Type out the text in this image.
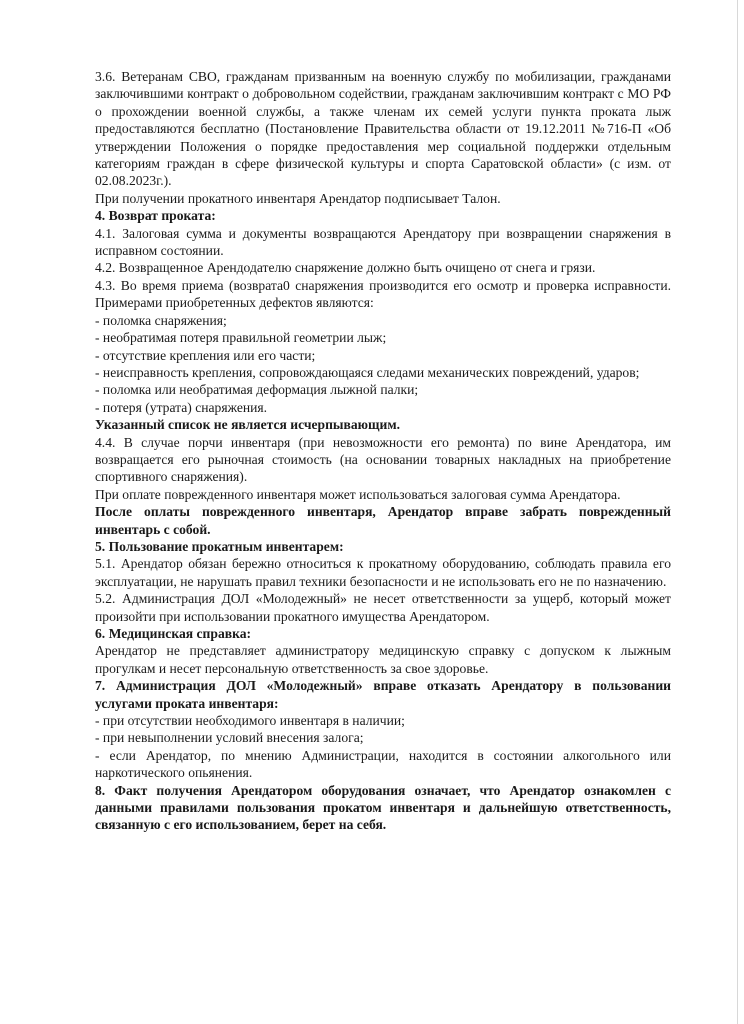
3.6. Ветеранам СВО, гражданам призванным на военную службу по мобилизации, гражданами заключившими контракт о добровольном содействии, гражданам заключившим контракт с МО РФ о прохождении военной службы, а также членам их семей услуги пункта проката лыж предоставляются бесплатно (Постановление Правительства области от 19.12.2011 №716-П «Об утверждении Положения о порядке предоставления мер социальной поддержки отдельным категориям граждан в сфере физической культуры и спорта Саратовской области» (с изм. от 02.08.2023г.).

При получении прокатного инвентаря Арендатор подписывает Талон.

4. Возврат проката:

4.1. Залоговая сумма и документы возвращаются Арендатору при возвращении снаряжения в исправном состоянии.

4.2. Возвращенное Арендодателю снаряжение должно быть очищено от снега и грязи.

4.3. Во время приема (возврата0 снаряжения производится его осмотр и проверка исправности. Примерами приобретенных дефектов являются:

- поломка снаряжения;

- необратимая потеря правильной геометрии лыж;

- отсутствие крепления или его части;

- неисправность крепления, сопровождающаяся следами механических повреждений, ударов;

- поломка или необратимая деформация лыжной палки;

- потеря (утрата) снаряжения.

Указанный список не является исчерпывающим.

4.4. В случае порчи инвентаря (при невозможности его ремонта) по вине Арендатора, им возвращается его рыночная стоимость (на основании товарных накладных на приобретение спортивного снаряжения).

При оплате поврежденного инвентаря может использоваться залоговая сумма Арендатора.

После оплаты поврежденного инвентаря, Арендатор вправе забрать поврежденный инвентарь с собой.

5. Пользование прокатным инвентарем:

5.1. Арендатор обязан бережно относиться к прокатному оборудованию, соблюдать правила его эксплуатации, не нарушать правил техники безопасности и не использовать его не по назначению.

5.2. Администрация ДОЛ «Молодежный» не несет ответственности за ущерб, который может произойти при использовании прокатного имущества Арендатором.

6. Медицинская справка:

Арендатор не представляет администратору медицинскую справку с допуском к лыжным прогулкам и несет персональную ответственность за свое здоровье.

7. Администрация ДОЛ «Молодежный» вправе отказать Арендатору в пользовании услугами проката инвентаря:

- при отсутствии необходимого инвентаря в наличии;

- при невыполнении условий внесения залога;

- если Арендатор, по мнению Администрации, находится в состоянии алкогольного или наркотического опьянения.

8. Факт получения Арендатором оборудования означает, что Арендатор ознакомлен с данными правилами пользования прокатом инвентаря и дальнейшую ответственность, связанную с его использованием, берет на себя.
